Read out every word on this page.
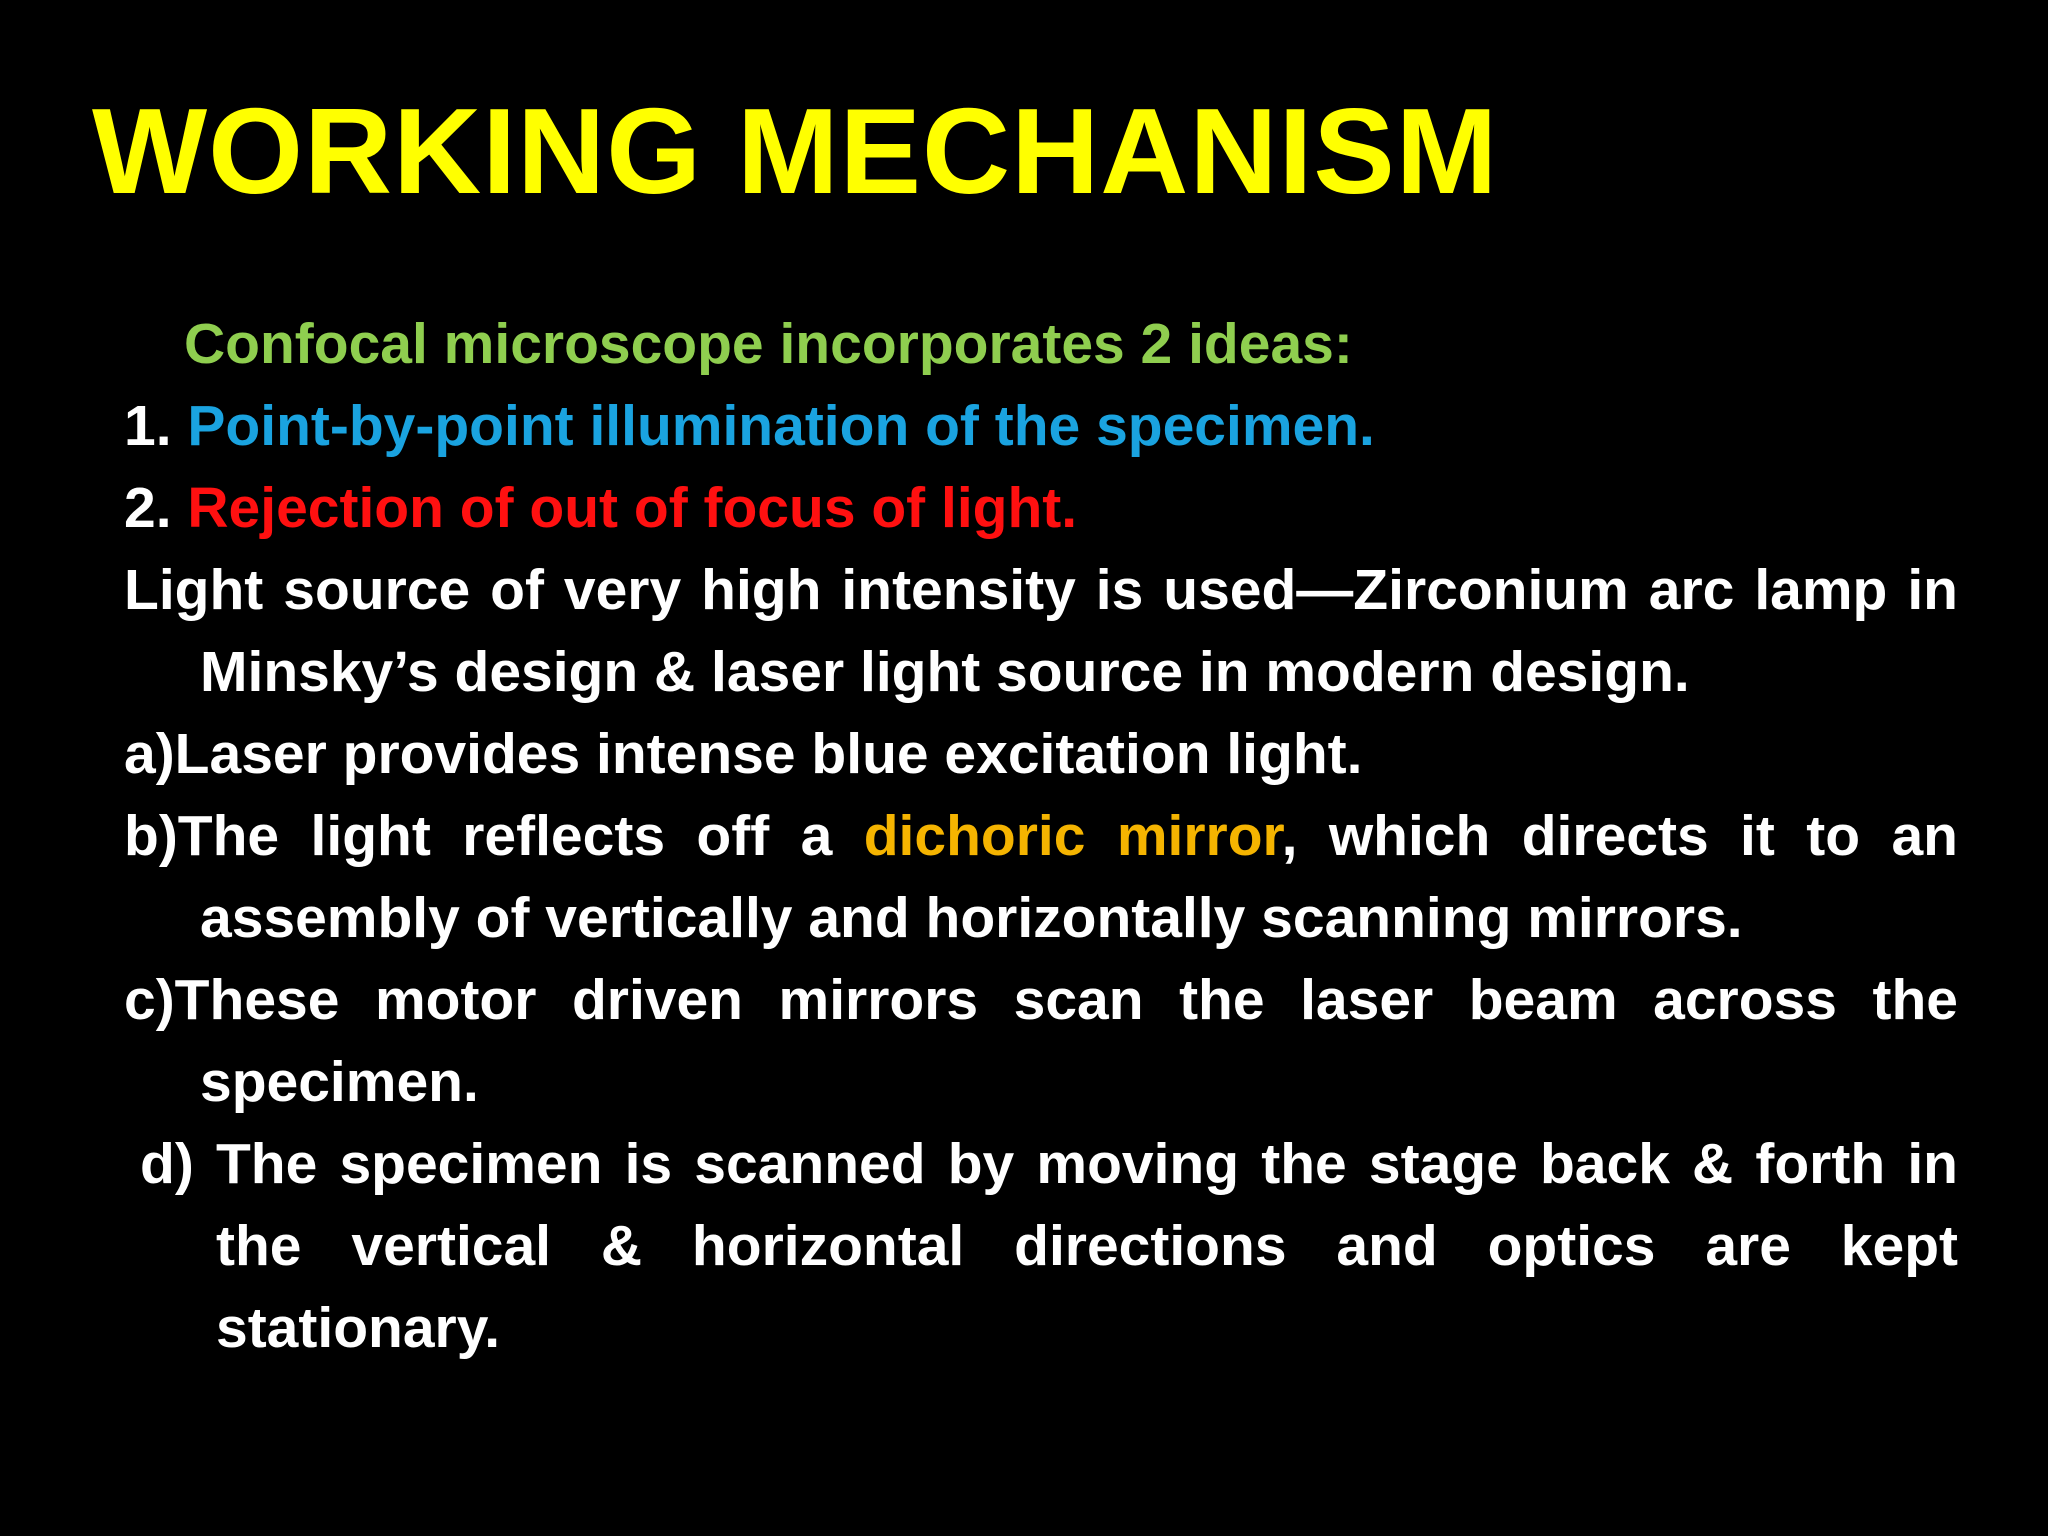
WORKING MECHANISM
Confocal microscope incorporates 2 ideas:
1. Point-by-point illumination of the specimen.
2. Rejection of out of focus of light.
Light source of very high intensity is used—Zirconium arc lamp in Minsky’s design & laser light source in modern design.
a)Laser provides intense blue excitation light.
b)The light reflects off a dichoric mirror, which directs it to an assembly of vertically and horizontally scanning mirrors.
c)These motor driven mirrors scan the laser beam across the specimen.
d) The specimen is scanned by moving the stage back & forth in the vertical & horizontal directions and optics are kept stationary.
